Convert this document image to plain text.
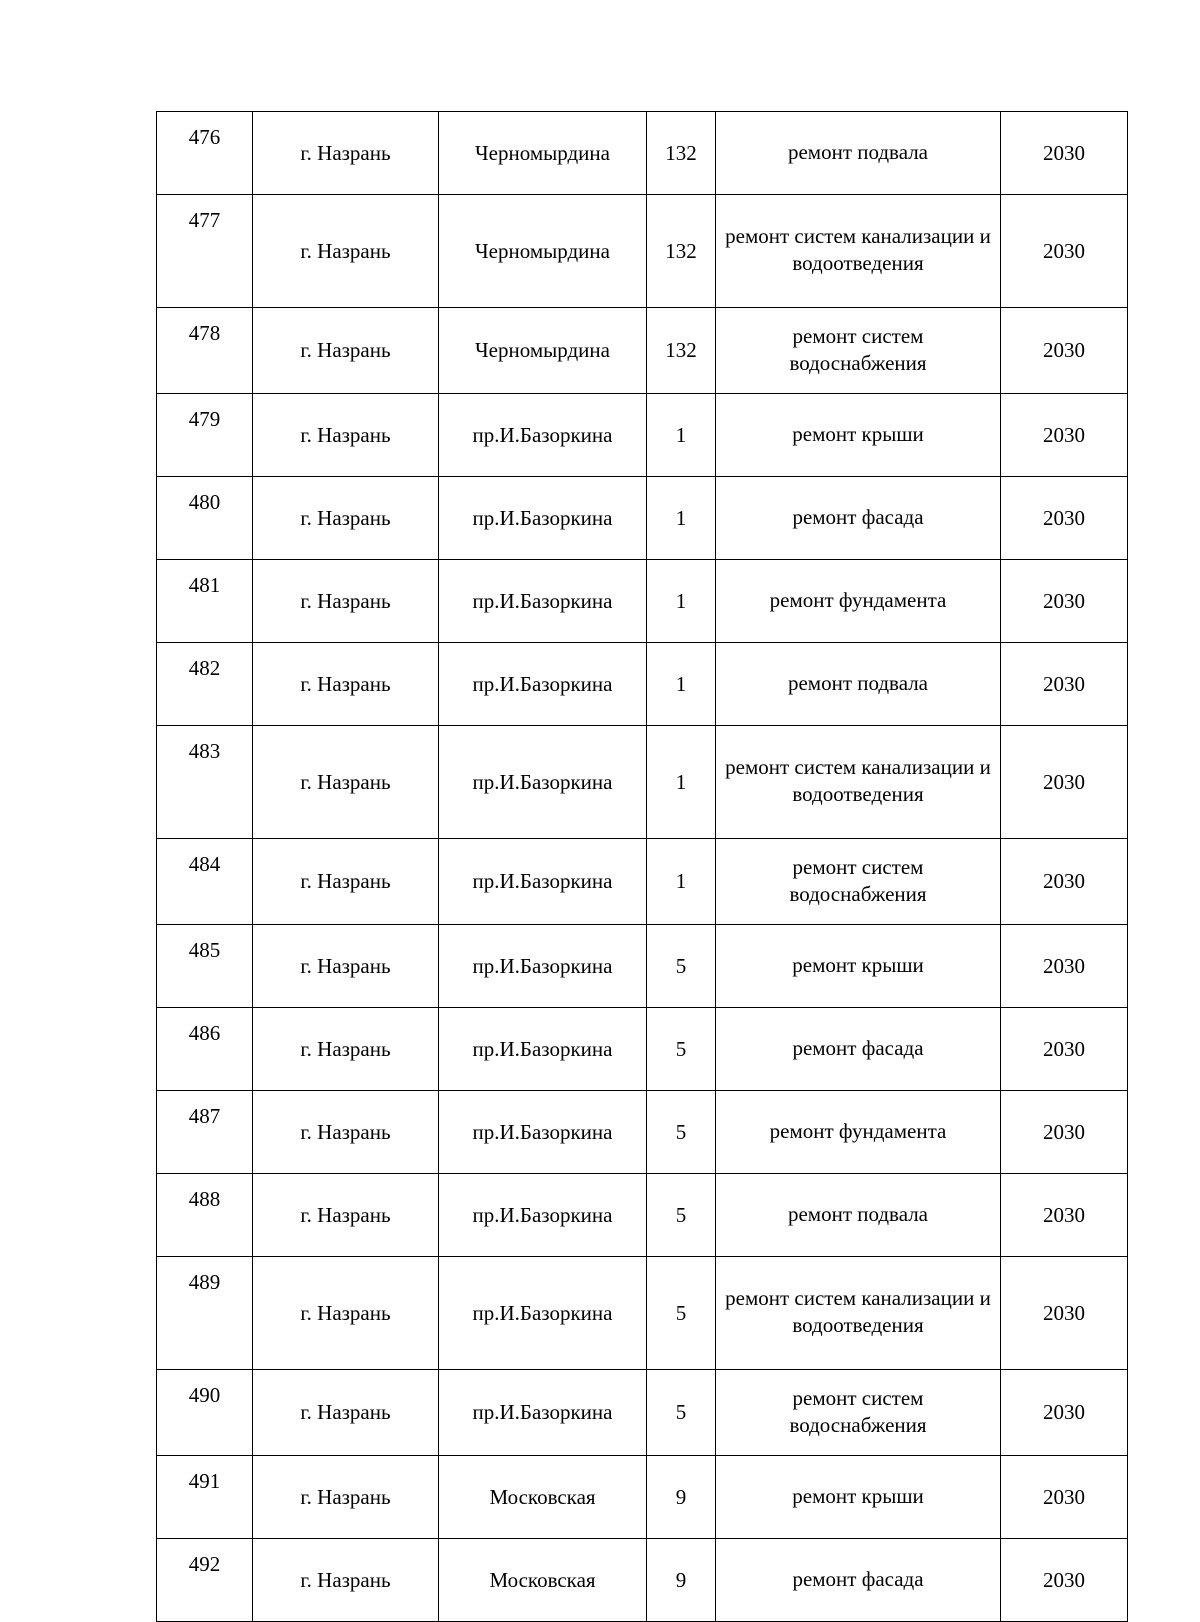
476	г. Назрань	Черномырдина	132	ремонт подвала	2030
477	г. Назрань	Черномырдина	132	ремонт систем канализации и водоотведения	2030
478	г. Назрань	Черномырдина	132	ремонт систем водоснабжения	2030
479	г. Назрань	пр.И.Базоркина	1	ремонт крыши	2030
480	г. Назрань	пр.И.Базоркина	1	ремонт фасада	2030
481	г. Назрань	пр.И.Базоркина	1	ремонт фундамента	2030
482	г. Назрань	пр.И.Базоркина	1	ремонт подвала	2030
483	г. Назрань	пр.И.Базоркина	1	ремонт систем канализации и водоотведения	2030
484	г. Назрань	пр.И.Базоркина	1	ремонт систем водоснабжения	2030
485	г. Назрань	пр.И.Базоркина	5	ремонт крыши	2030
486	г. Назрань	пр.И.Базоркина	5	ремонт фасада	2030
487	г. Назрань	пр.И.Базоркина	5	ремонт фундамента	2030
488	г. Назрань	пр.И.Базоркина	5	ремонт подвала	2030
489	г. Назрань	пр.И.Базоркина	5	ремонт систем канализации и водоотведения	2030
490	г. Назрань	пр.И.Базоркина	5	ремонт систем водоснабжения	2030
491	г. Назрань	Московская	9	ремонт крыши	2030
492	г. Назрань	Московская	9	ремонт фасада	2030
